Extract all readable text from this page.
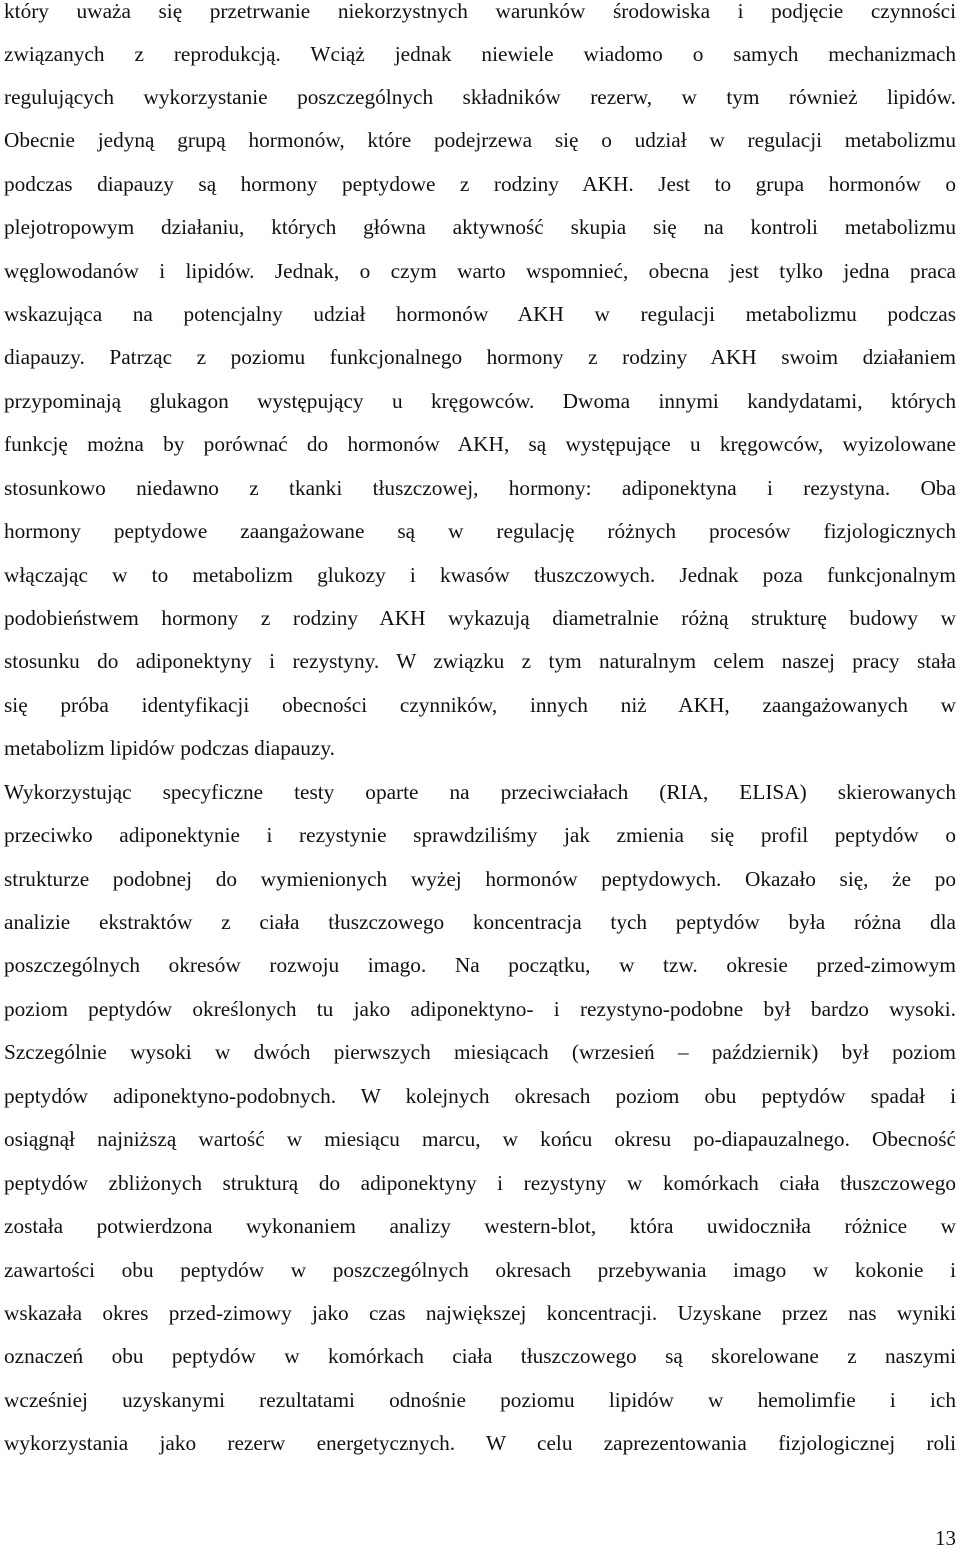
który uważa się przetrwanie niekorzystnych warunków środowiska i podjęcie czynności
związanych z reprodukcją. Wciąż jednak niewiele wiadomo o samych mechanizmach
regulujących wykorzystanie poszczególnych składników rezerw, w tym również lipidów.
Obecnie jedyną grupą hormonów, które podejrzewa się o udział w regulacji metabolizmu
podczas diapauzy są hormony peptydowe z rodziny AKH. Jest to grupa hormonów o
plejotropowym działaniu, których główna aktywność skupia się na kontroli metabolizmu
węglowodanów i lipidów. Jednak, o czym warto wspomnieć, obecna jest tylko jedna praca
wskazująca na potencjalny udział hormonów AKH w regulacji metabolizmu podczas
diapauzy. Patrząc z poziomu funkcjonalnego hormony z rodziny AKH swoim działaniem
przypominają glukagon występujący u kręgowców. Dwoma innymi kandydatami, których
funkcję można by porównać do hormonów AKH, są występujące u kręgowców, wyizolowane
stosunkowo niedawno z tkanki tłuszczowej, hormony: adiponektyna i rezystyna. Oba
hormony peptydowe zaangażowane są w regulację różnych procesów fizjologicznych
włączając w to metabolizm glukozy i kwasów tłuszczowych. Jednak poza funkcjonalnym
podobieństwem hormony z rodziny AKH wykazują diametralnie różną strukturę budowy w
stosunku do adiponektyny i rezystyny. W związku z tym naturalnym celem naszej pracy stała
się próba identyfikacji obecności czynników, innych niż AKH, zaangażowanych w
metabolizm lipidów podczas diapauzy.
Wykorzystując specyficzne testy oparte na przeciwciałach (RIA, ELISA) skierowanych
przeciwko adiponektynie i rezystynie sprawdziliśmy jak zmienia się profil peptydów o
strukturze podobnej do wymienionych wyżej hormonów peptydowych. Okazało się, że po
analizie ekstraktów z ciała tłuszczowego koncentracja tych peptydów była różna dla
poszczególnych okresów rozwoju imago. Na początku, w tzw. okresie przed-zimowym
poziom peptydów określonych tu jako adiponektyno- i rezystyno-podobne był bardzo wysoki.
Szczególnie wysoki w dwóch pierwszych miesiącach (wrzesień – październik) był poziom
peptydów adiponektyno-podobnych. W kolejnych okresach poziom obu peptydów spadał i
osiągnął najniższą wartość w miesiącu marcu, w końcu okresu po-diapauzalnego. Obecność
peptydów zbliżonych strukturą do adiponektyny i rezystyny w komórkach ciała tłuszczowego
została potwierdzona wykonaniem analizy western-blot, która uwidoczniła różnice w
zawartości obu peptydów w poszczególnych okresach przebywania imago w kokonie i
wskazała okres przed-zimowy jako czas największej koncentracji. Uzyskane przez nas wyniki
oznaczeń obu peptydów w komórkach ciała tłuszczowego są skorelowane z naszymi
wcześniej uzyskanymi rezultatami odnośnie poziomu lipidów w hemolimfie i ich
wykorzystania jako rezerw energetycznych. W celu zaprezentowania fizjologicznej roli
13
